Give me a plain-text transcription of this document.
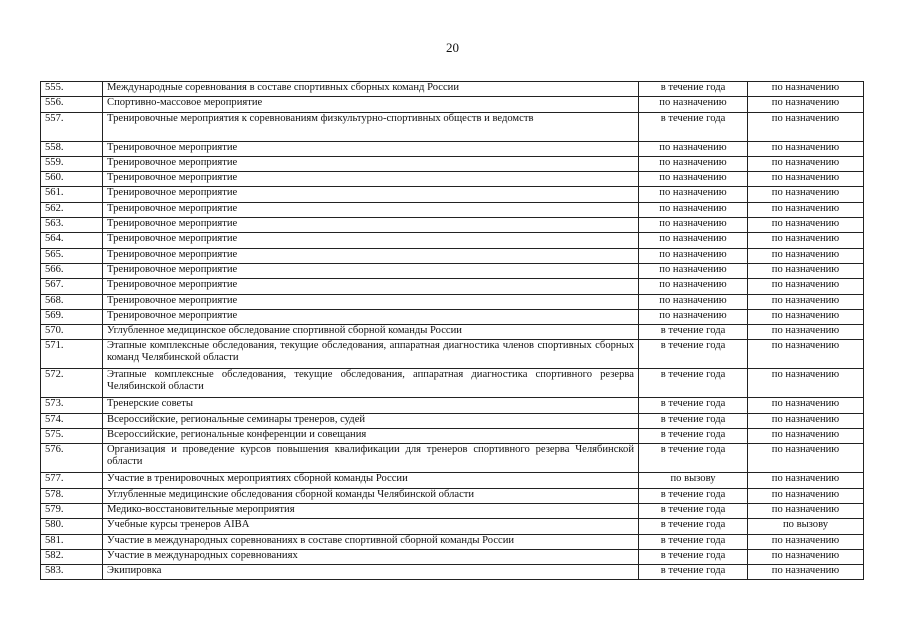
20
555.	Международные соревнования в составе спортивных сборных команд России	в течение года	по назначению
556.	Спортивно-массовое мероприятие	по назначению	по назначению
557.	Тренировочные мероприятия к соревнованиям физкультурно-спортивных обществ и ведомств	в течение года	по назначению
558.	Тренировочное мероприятие	по назначению	по назначению
559.	Тренировочное мероприятие	по назначению	по назначению
560.	Тренировочное мероприятие	по назначению	по назначению
561.	Тренировочное мероприятие	по назначению	по назначению
562.	Тренировочное мероприятие	по назначению	по назначению
563.	Тренировочное мероприятие	по назначению	по назначению
564.	Тренировочное мероприятие	по назначению	по назначению
565.	Тренировочное мероприятие	по назначению	по назначению
566.	Тренировочное мероприятие	по назначению	по назначению
567.	Тренировочное мероприятие	по назначению	по назначению
568.	Тренировочное мероприятие	по назначению	по назначению
569.	Тренировочное мероприятие	по назначению	по назначению
570.	Углубленное медицинское обследование спортивной сборной команды России	в течение года	по назначению
571.	Этапные комплексные обследования, текущие обследования, аппаратная диагностика членов спортивных сборных команд Челябинской области	в течение года	по назначению
572.	Этапные комплексные обследования, текущие обследования, аппаратная диагностика спортивного резерва Челябинской области	в течение года	по назначению
573.	Тренерские советы	в течение года	по назначению
574.	Всероссийские, региональные семинары тренеров, судей	в течение года	по назначению
575.	Всероссийские, региональные конференции и совещания	в течение года	по назначению
576.	Организация и проведение курсов повышения квалификации для тренеров спортивного резерва Челябинской области	в течение года	по назначению
577.	Участие в тренировочных мероприятиях сборной команды России	по вызову	по назначению
578.	Углубленные медицинские обследования сборной команды Челябинской области	в течение года	по назначению
579.	Медико-восстановительные мероприятия	в течение года	по назначению
580.	Учебные курсы тренеров AIBA	в течение года	по вызову
581.	Участие в международных соревнованиях в составе спортивной сборной команды России	в течение года	по назначению
582.	Участие в международных соревнованиях	в течение года	по назначению
583.	Экипировка	в течение года	по назначению
